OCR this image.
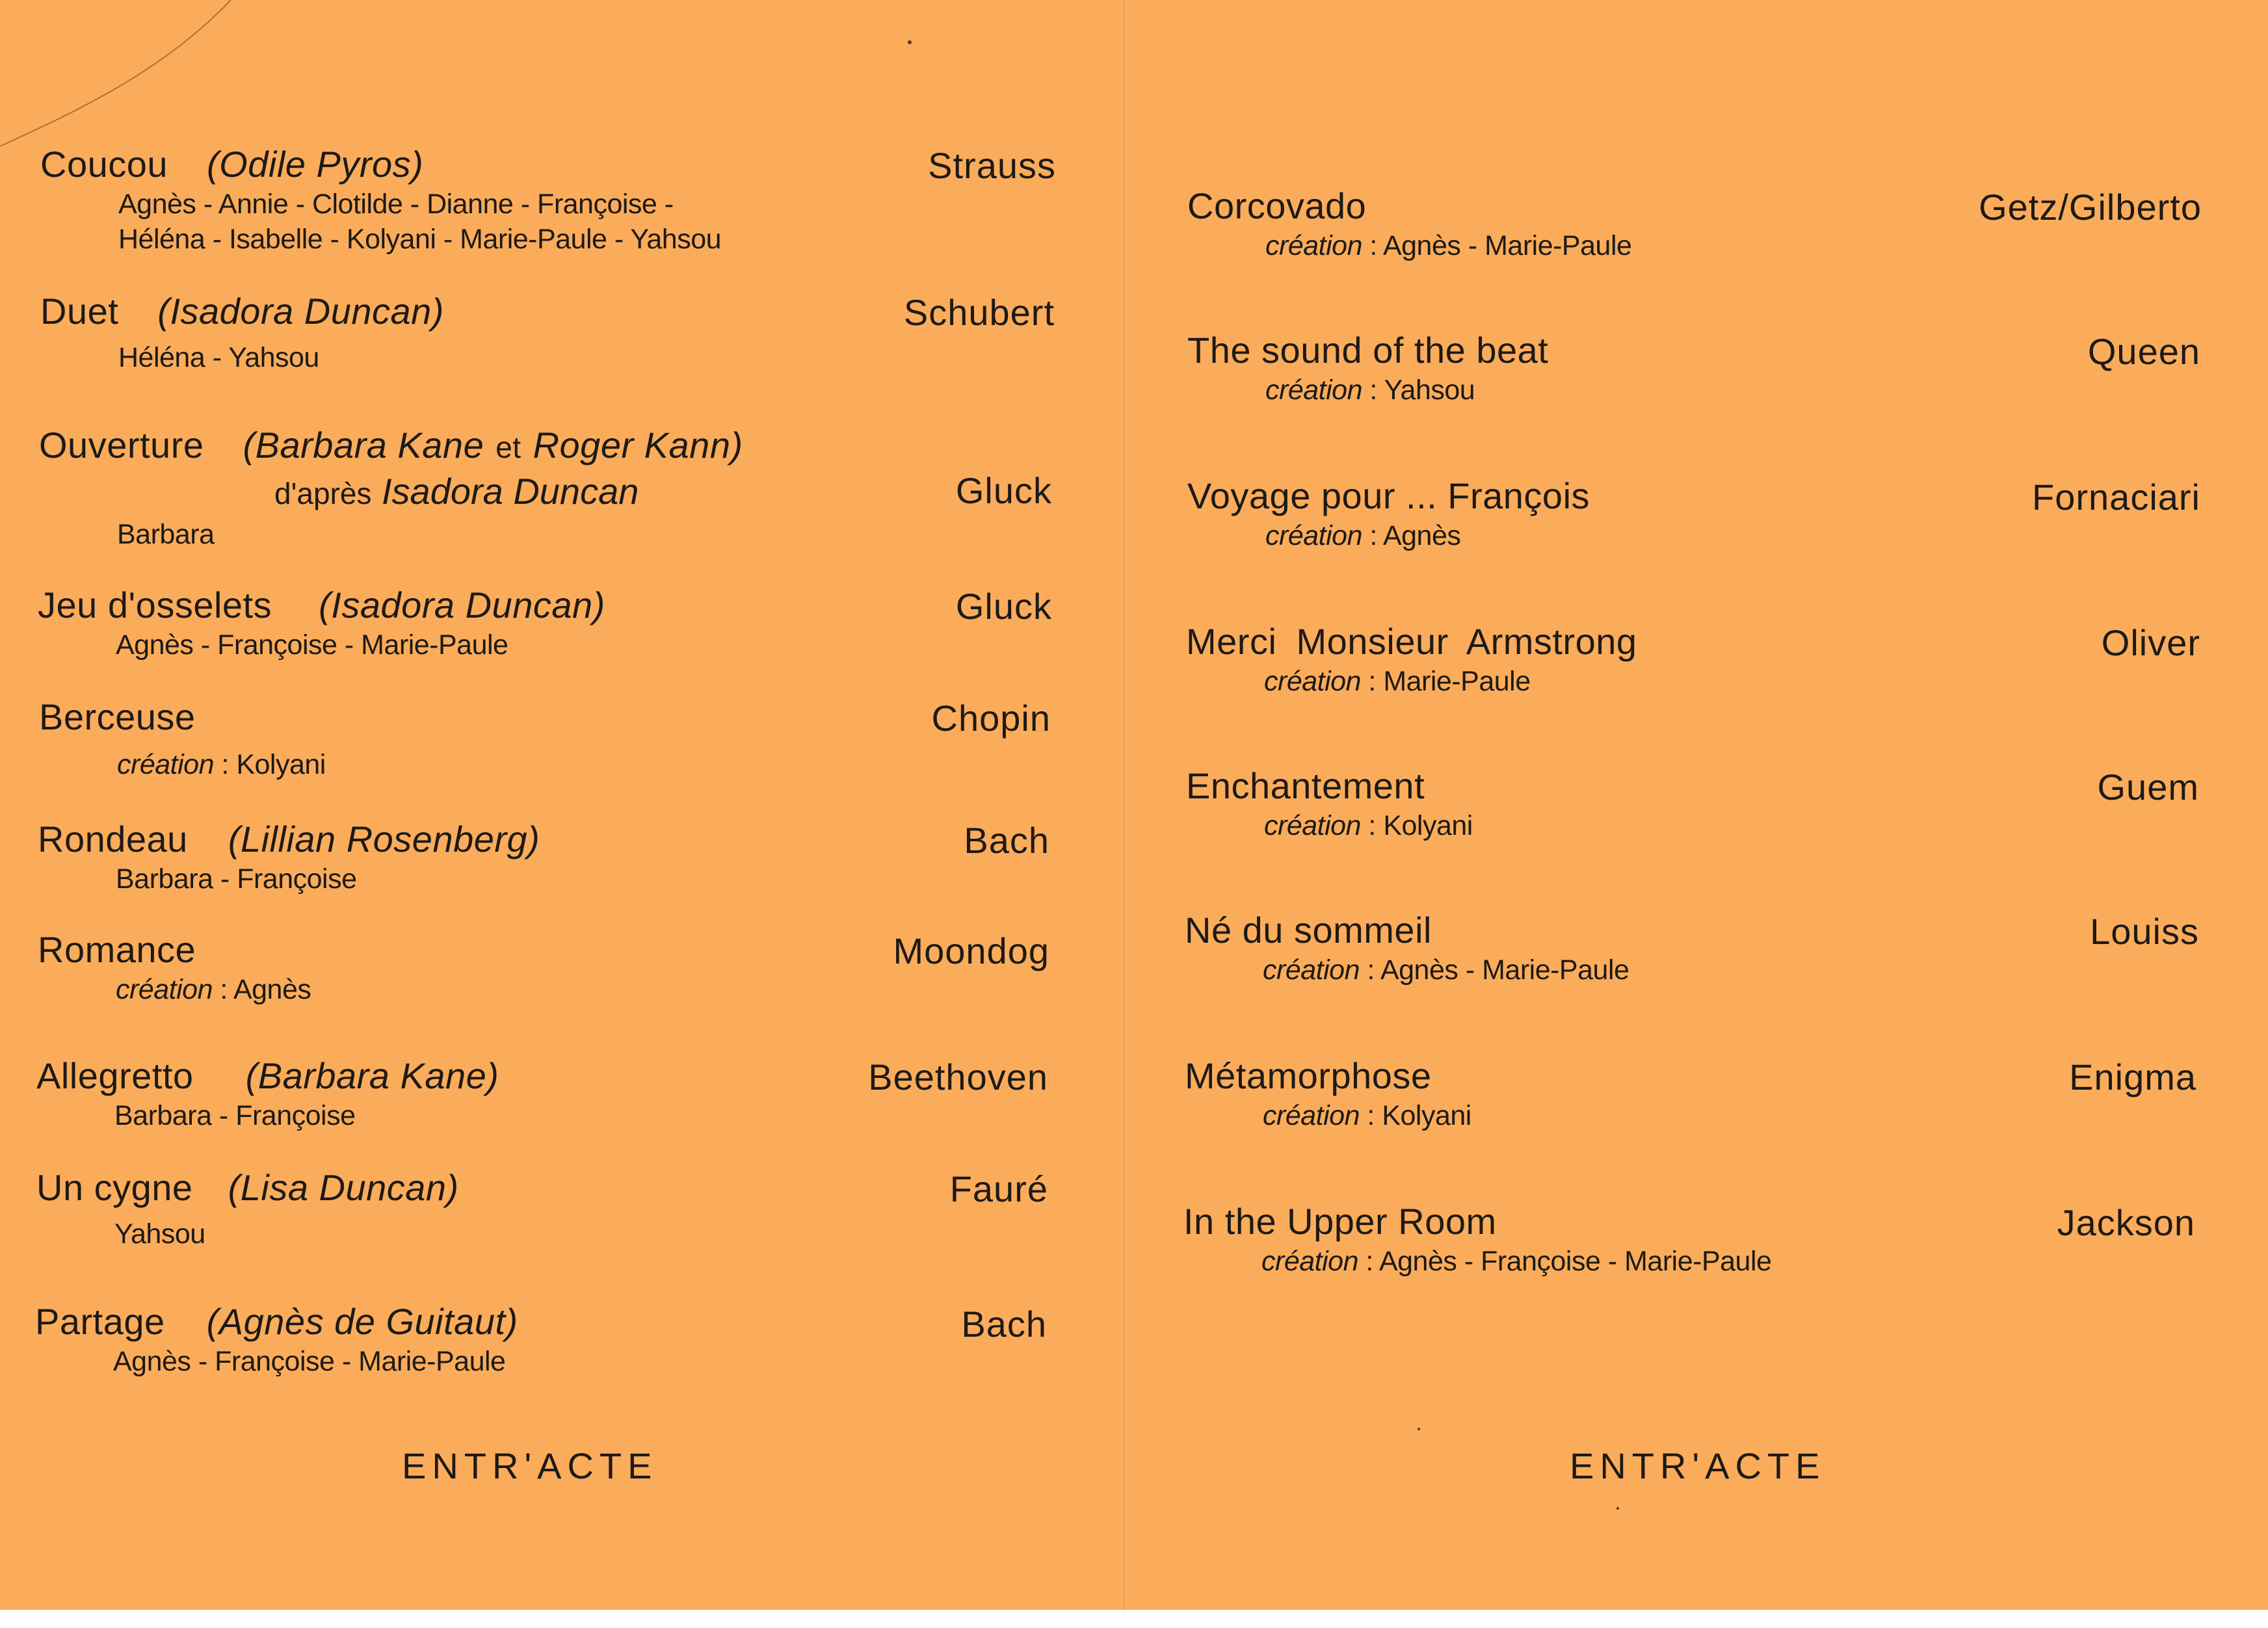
Coucou (Odile Pyros)
Agnès - Annie - Clotilde - Dianne - Françoise -
Héléna - Isabelle - Kolyani - Marie-Paule - Yahsou
Strauss
Duet (Isadora Duncan)
Héléna - Yahsou
Schubert
Ouverture (Barbara Kane et Roger Kann)
d'après Isadora Duncan
Barbara
Gluck
Jeu d'osselets (Isadora Duncan)
Agnès - Françoise - Marie-Paule
Gluck
Berceuse
création : Kolyani
Chopin
Rondeau (Lillian Rosenberg)
Barbara - Françoise
Bach
Romance
création : Agnès
Moondog
Allegretto (Barbara Kane)
Barbara - Françoise
Beethoven
Un cygne (Lisa Duncan)
Yahsou
Fauré
Partage (Agnès de Guitaut)
Agnès - Françoise - Marie-Paule
Bach
ENTR'ACTE
Corcovado
création : Agnès - Marie-Paule
Getz/Gilberto
The sound of the beat
création : Yahsou
Queen
Voyage pour ... François
création : Agnès
Fornaciari
Merci Monsieur Armstrong
création : Marie-Paule
Oliver
Enchantement
création : Kolyani
Guem
Né du sommeil
création : Agnès - Marie-Paule
Louiss
Métamorphose
création : Kolyani
Enigma
In the Upper Room
création : Agnès - Françoise - Marie-Paule
Jackson
ENTR'ACTE
